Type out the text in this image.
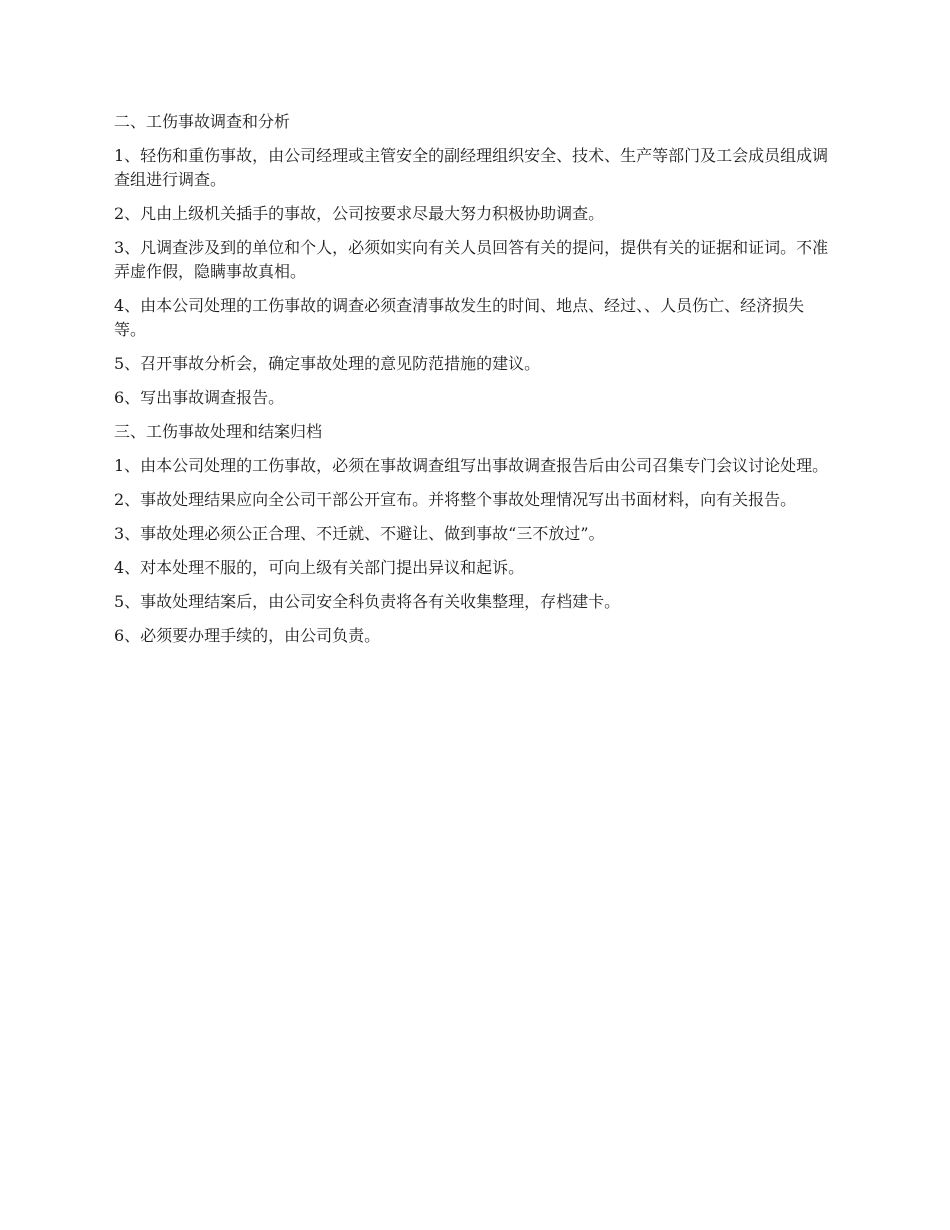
二、工伤事故调查和分析

1、轻伤和重伤事故，由公司经理或主管安全的副经理组织安全、技术、生产等部门及工会成员组成调查组进行调查。

2、凡由上级机关插手的事故，公司按要求尽最大努力积极协助调查。

3、凡调查涉及到的单位和个人，必须如实向有关人员回答有关的提问，提供有关的证据和证词。不准弄虚作假，隐瞒事故真相。

4、由本公司处理的工伤事故的调查必须查清事故发生的时间、地点、经过、、人员伤亡、经济损失等。

5、召开事故分析会，确定事故处理的意见防范措施的建议。

6、写出事故调查报告。

三、工伤事故处理和结案归档

1、由本公司处理的工伤事故，必须在事故调查组写出事故调查报告后由公司召集专门会议讨论处理。

2、事故处理结果应向全公司干部公开宣布。并将整个事故处理情况写出书面材料，向有关报告。

3、事故处理必须公正合理、不迁就、不避让、做到事故“三不放过”。

4、对本处理不服的，可向上级有关部门提出异议和起诉。

5、事故处理结案后，由公司安全科负责将各有关收集整理，存档建卡。

6、必须要办理手续的，由公司负责。
